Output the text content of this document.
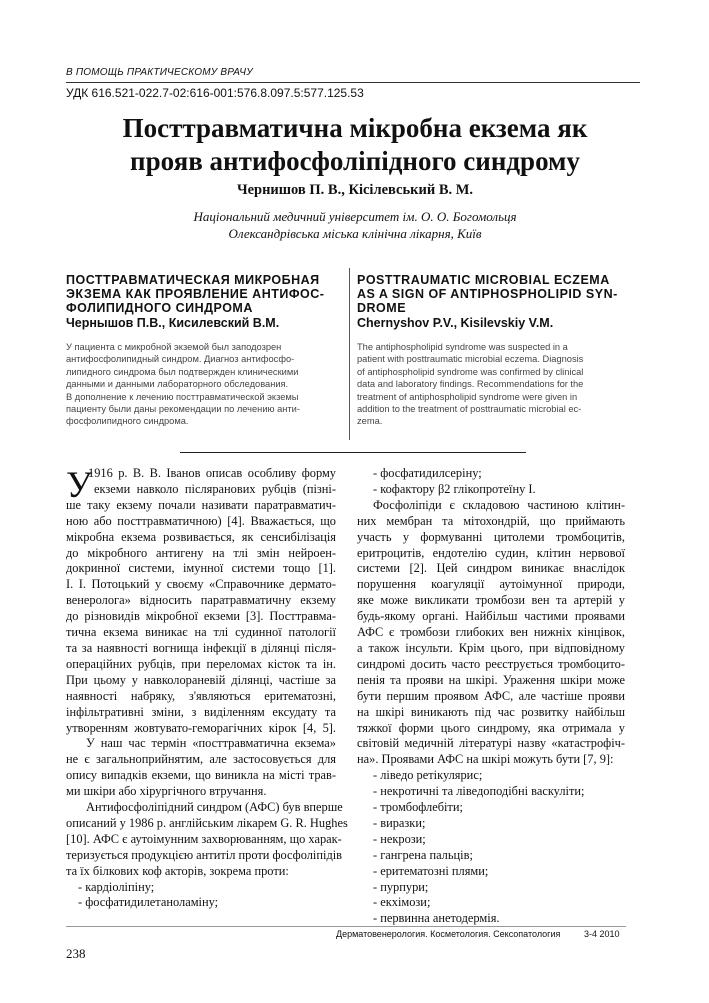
В ПОМОЩЬ ПРАКТИЧЕСКОМУ ВРАЧУ
УДК 616.521-022.7-02:616-001:576.8.097.5:577.125.53
Посттравматична мікробна екзема як
прояв антифосфоліпідного синдрому
Чернишов П. В., Кісілевський В. М.
Національний медичний університет ім. О. О. Богомольця
Олександрівська міська клінічна лікарня, Київ
ПОСТТРАВМАТИЧЕСКАЯ МИКРОБНАЯ
ЭКЗЕМА КАК ПРОЯВЛЕНИЕ АНТИФОС-
ФОЛИПИДНОГО СИНДРОМА
Чернышов П.В., Кисилевский В.М.
У пациента с микробной экземой был заподозрен
антифосфолипидный синдром. Диагноз антифосфо-
липидного синдрома был подтвержден клиническими
данными и данными лабораторного обследования.
В дополнение к лечению посттравматической экземы
пациенту были даны рекомендации по лечению анти-
фосфолипидного синдрома.
POSTTRAUMATIC MICROBIAL ECZEMA
AS A SIGN OF ANTIPHOSPHOLIPID SYN-
DROME
Chernyshov P.V., Kisilevskiy V.M.
The antiphospholipid syndrome was suspected in a
patient with posttraumatic microbial eczema. Diagnosis
of antiphospholipid syndrome was confirmed by clinical
data and laboratory findings. Recommendations for the
treatment of antiphospholipid syndrome were given in
addition to the treatment of posttraumatic microbial ec-
zema.
У
1916 р. В. В. Іванов описав особливу форму
екземи навколо післяранових рубців (пізні-
ше таку екзему почали називати паратравматич-
ною або посттравматичною) [4]. Вважається, що
мікробна екзема розвивається, як сенсибілізація
до мікробного антигену на тлі змін нейроен-
докринної системи, імунної системи тощо [1].
І. І. Потоцький у своєму «Справочнике дермато-
венеролога» відносить паратравматичну екзему
до різновидів мікробної екземи [3]. Посттравма-
тична екзема виникає на тлі судинної патології
та за наявності вогнища інфекції в ділянці після-
операційних рубців, при переломах кісток та ін.
При цьому у навколораневій ділянці, частіше за
наявності набряку, з'являються еритематозні,
інфільтративні зміни, з виділенням ексудату та
утворенням жовтувато-геморагічних кірок [4, 5].
У наш час термін «посттравматична екзема»
не є загальноприйнятим, але застосовується для
опису випадків екземи, що виникла на місті трав-
ми шкіри або хірургічного втручання.
Антифосфоліпідний синдром (АФС) був вперше
описаний у 1986 р. англійським лікарем G. R. Hughes
[10]. АФС є аутоімунним захворюванням, що харак-
теризується продукцією антитіл проти фосфоліпідів
та їх білкових коф акторів, зокрема проти:
- кардіоліпіну;
- фосфатидилетаноламіну;
- фосфатидилсеріну;
- кофактору β2 глікопротеїну І.
Фосфоліпіди є складовою частиною клітин-
них мембран та мітохондрій, що приймають
участь у формуванні цитолеми тромбоцитів,
еритроцитів, ендотелію судин, клітин нервової
системи [2]. Цей синдром виникає внаслідок
порушення коагуляції аутоімунної природи,
яке може викликати тромбози вен та артерій у
будь-якому органі. Найбільш частими проявами
АФС є тромбози глибоких вен нижніх кінцівок,
а також інсульти. Крім цього, при відповідному
синдромі досить часто реєструється тромбоцито-
пенія та прояви на шкірі. Ураження шкіри може
бути першим проявом АФС, але частіше прояви
на шкірі виникають під час розвитку найбільш
тяжкої форми цього синдрому, яка отримала у
світовій медичній літературі назву «катастрофіч-
на». Проявами АФС на шкірі можуть бути [7, 9]:
- ліведо ретікулярис;
- некротичні та ліведоподібні васкуліти;
- тромбофлебіти;
- виразки;
- некрози;
- гангрена пальців;
- еритематозні плями;
- пурпури;
- екхімози;
- первинна анетодермія.
Дерматовенерология. Косметология. Сексопатология	3-4 2010
238
